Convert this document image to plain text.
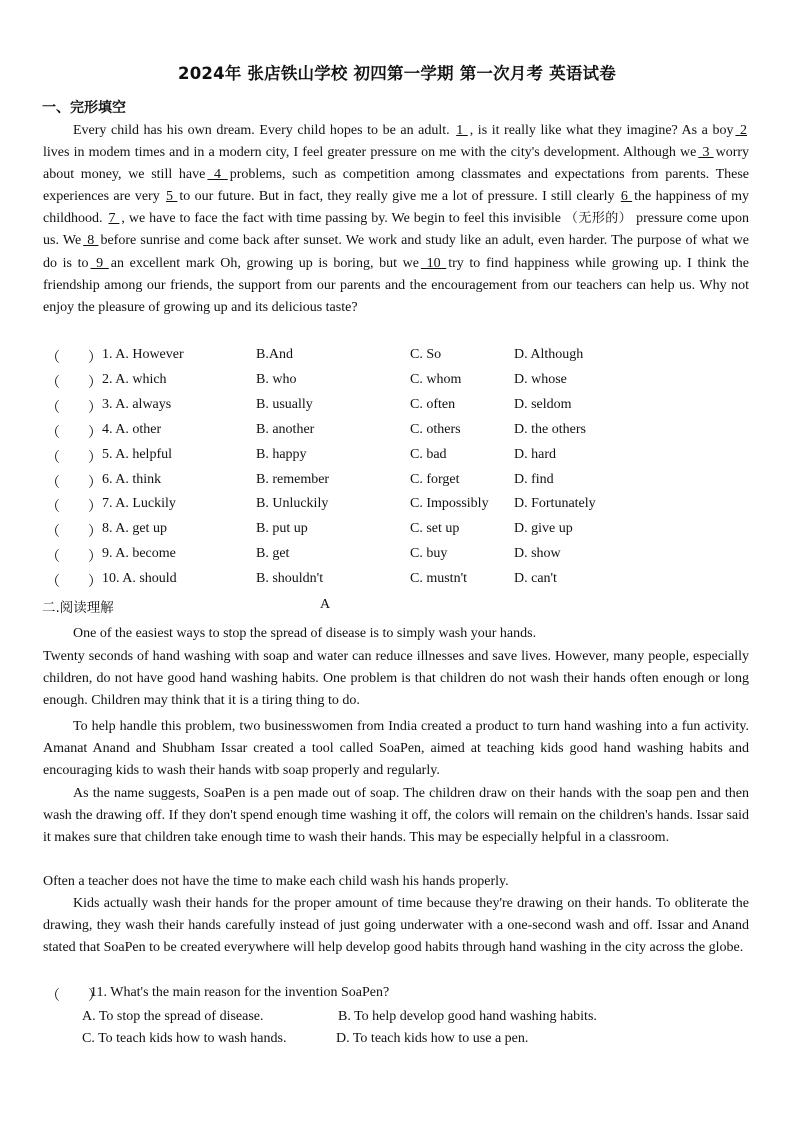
2024年 张店铁山学校 初四第一学期 第一次月考 英语试卷
一、完形填空

Every child has his own dream. Every child hopes to be an adult. 1 , is it really like what they imagine? As a boy 2 lives in modem times and in a modern city, I feel greater pressure on me with the city's development. Although we 3 worry about money, we still have 4 problems, such as competition among classmates and expectations from parents. These experiences are very 5 to our future. But in fact, they really give me a lot of pressure. I still clearly 6 the happiness of my childhood. 7 , we have to face the fact with time passing by. We begin to feel this invisible （无形的） pressure come upon us. We 8 before sunrise and come back after sunset. We work and study like an adult, even harder. The purpose of what we do is to 9 an excellent mark Oh, growing up is boring, but we 10 try to find happiness while growing up. I think the friendship among our friends, the support from our parents and the encouragement from our teachers can help us. Why not enjoy the pleasure of growing up and its delicious taste?

（　　） 1. A. However	B.And	C. So	D. Although
（　　） 2. A. which	B. who	C. whom	D. whose
（　　） 3. A. always	B. usually	C. often	D. seldom
（　　） 4. A. other	B. another	C. others	D. the others
（　　） 5. A. helpful	B. happy	C. bad	D. hard
（　　） 6. A. think	B. remember	C. forget	D. find
（　　） 7. A. Luckily	B. Unluckily	C. Impossibly D. Fortunately
（　　） 8. A. get up	B. put up	C. set up	D. give up
（　　） 9. A. become	B. get	C. buy	D. show
（　　） 10. A. should	B. shouldn't	C. mustn't	D. can't
二.阅读理解	A

One of the easiest ways to stop the spread of disease is to simply wash your hands.

Twenty seconds of hand washing with soap and water can reduce illnesses and save lives. However, many people, especially children, do not have good hand washing habits. One problem is that children do not wash their hands often enough or long enough. Children may think that it is a tiring thing to do.

To help handle this problem, two businesswomen from India created a product to turn hand washing into a fun activity. Amanat Anand and Shubham Issar created a tool called SoaPen, aimed at teaching kids good hand washing habits and encouraging kids to wash their hands witb soap properly and regularly.

As the name suggests, SoaPen is a pen made out of soap. The children draw on their hands with the soap pen and then wash the drawing off. If they don't spend enough time washing it off, the colors will remain on the children's hands. Issar said it makes sure that children take enough time to wash their hands. This may be especially helpful in a classroom.

Often a teacher does not have the time to make each child wash his hands properly.

Kids actually wash their hands for the proper amount of time because they're drawing on their hands. To obliterate the drawing, they wash their hands carefully instead of just going underwater with a one-second wash and off. Issar and Anand stated that SoaPen to be created everywhere will help develop good habits through hand washing in the city across the globe.

（　　）
11. What's the main reason for the invention SoaPen?
A. To stop the spread of disease.	B. To help develop good hand washing habits.
C. To teach kids how to wash hands.	D. To teach kids how to use a pen.
